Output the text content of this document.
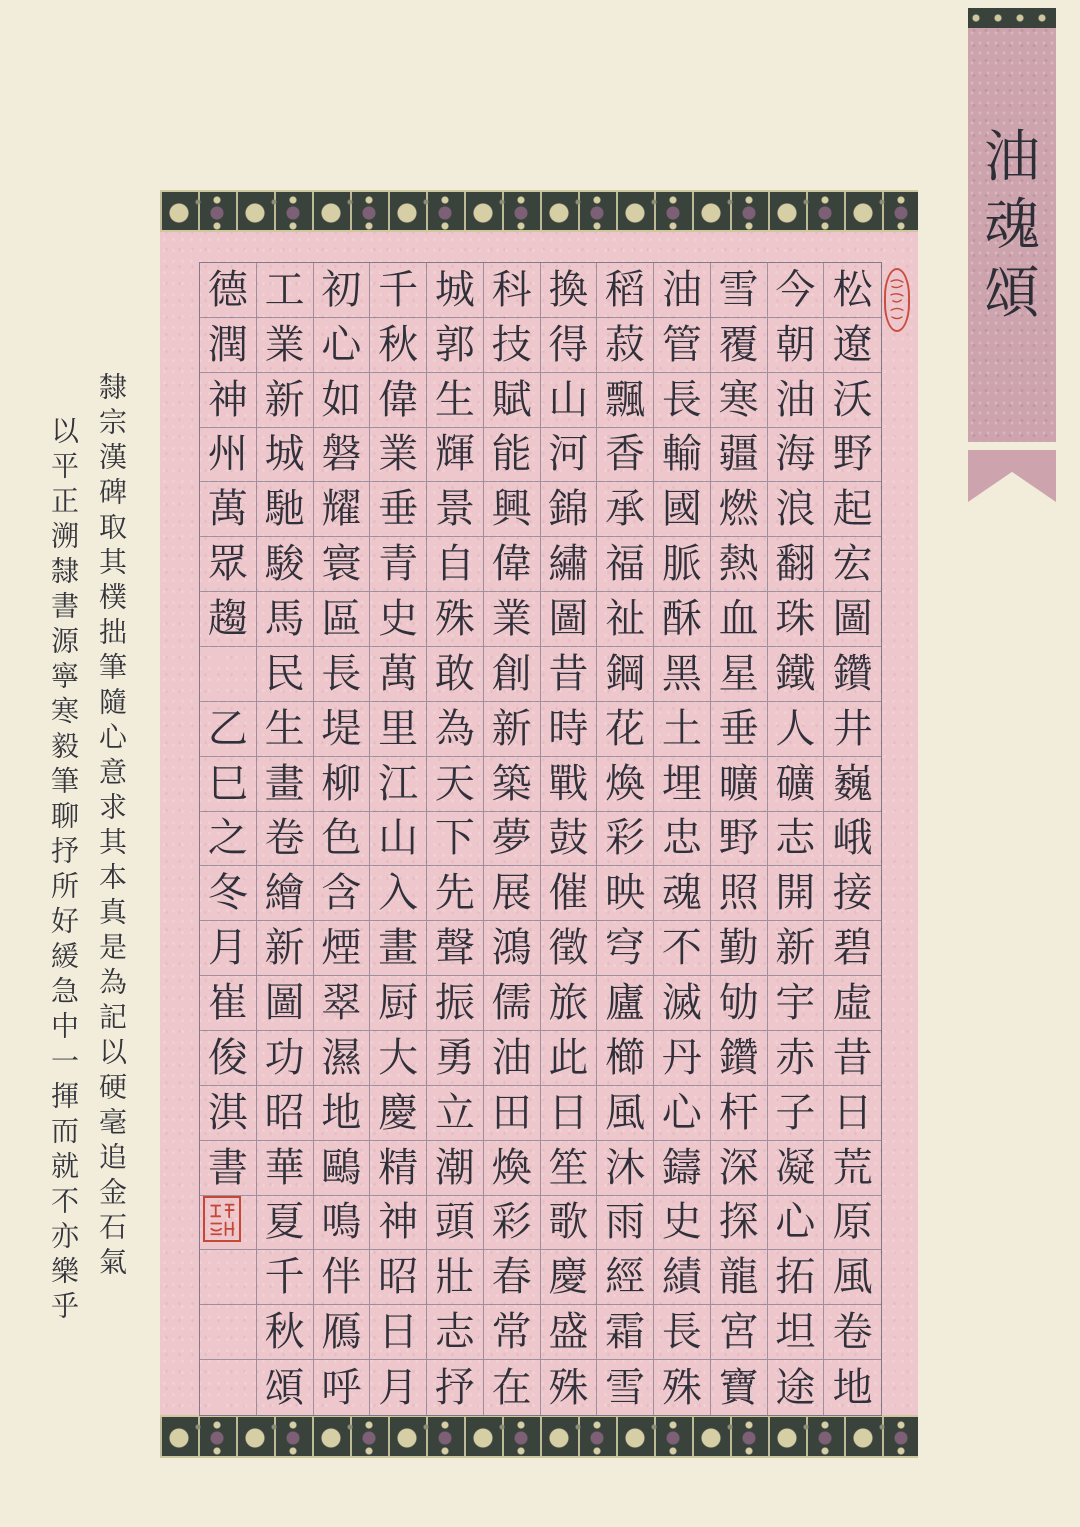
隸宗漢碑取其樸拙筆隨心意求其本真是為記以硬毫追金石氣
以平正溯隸書源寧寒毅筆聊抒所好緩急中一揮而就不亦樂乎
德 工 初 千 城 科 換 稻 油 雪 今 松
潤 業 心 秋 郭 技 得 菽 管 覆 朝 遼
神 新 如 偉 生 賦 山 飄 長 寒 油 沃
州 城 磐 業 輝 能 河 香 輸 疆 海 野
萬 馳 耀 垂 景 興 錦 承 國 燃 浪 起
眾 駿 寰 青 自 偉 繡 福 脈 熱 翻 宏
趨 馬 區 史 殊 業 圖 祉 酥 血 珠 圖
民 長 萬 敢 創 昔 鋼 黑 星 鐵 鑽
乙 生 堤 里 為 新 時 花 土 垂 人 井
巳 畫 柳 江 天 築 戰 煥 埋 曠 礦 巍
之 卷 色 山 下 夢 鼓 彩 忠 野 志 峨
冬 繪 含 入 先 展 催 映 魂 照 開 接
月 新 煙 畫 聲 鴻 徵 穹 不 勤 新 碧
崔 圖 翠 厨 振 儒 旅 廬 滅 劬 宇 虛
俊 功 濕 大 勇 油 此 櫛 丹 鑽 赤 昔
淇 昭 地 慶 立 田 日 風 心 杆 子 日
書 華 鷗 精 潮 煥 笙 沐 鑄 深 凝 荒
夏 鳴 神 頭 彩 歌 雨 史 探 心 原
千 伴 昭 壯 春 慶 經 績 龍 拓 風
秋 鴈 日 志 常 盛 霜 長 宮 坦 卷
頌 呼 月 抒 在 殊 雪 殊 寶 途 地
油
魂
頌
